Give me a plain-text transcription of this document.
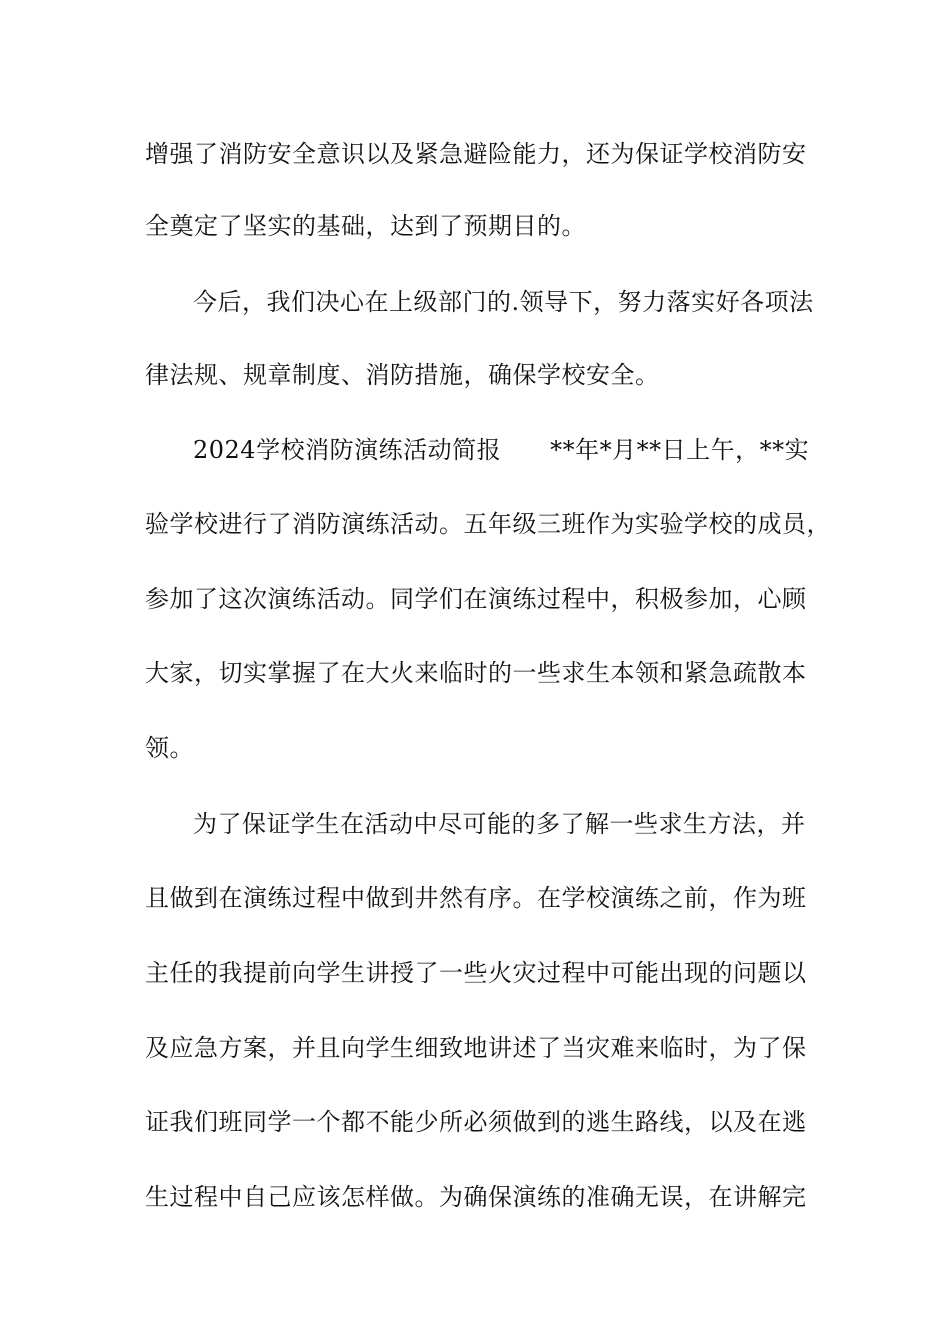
增强了消防安全意识以及紧急避险能力，还为保证学校消防安
全奠定了坚实的基础，达到了预期目的。
今后，我们决心在上级部门的.领导下，努力落实好各项法
律法规、规章制度、消防措施，确保学校安全。
2024学校消防演练活动简报　　**年*月**日上午，**实
验学校进行了消防演练活动。五年级三班作为实验学校的成员，
参加了这次演练活动。同学们在演练过程中，积极参加，心顾
大家，切实掌握了在大火来临时的一些求生本领和紧急疏散本
领。
为了保证学生在活动中尽可能的多了解一些求生方法，并
且做到在演练过程中做到井然有序。在学校演练之前，作为班
主任的我提前向学生讲授了一些火灾过程中可能出现的问题以
及应急方案，并且向学生细致地讲述了当灾难来临时，为了保
证我们班同学一个都不能少所必须做到的逃生路线，以及在逃
生过程中自己应该怎样做。为确保演练的准确无误，在讲解完
